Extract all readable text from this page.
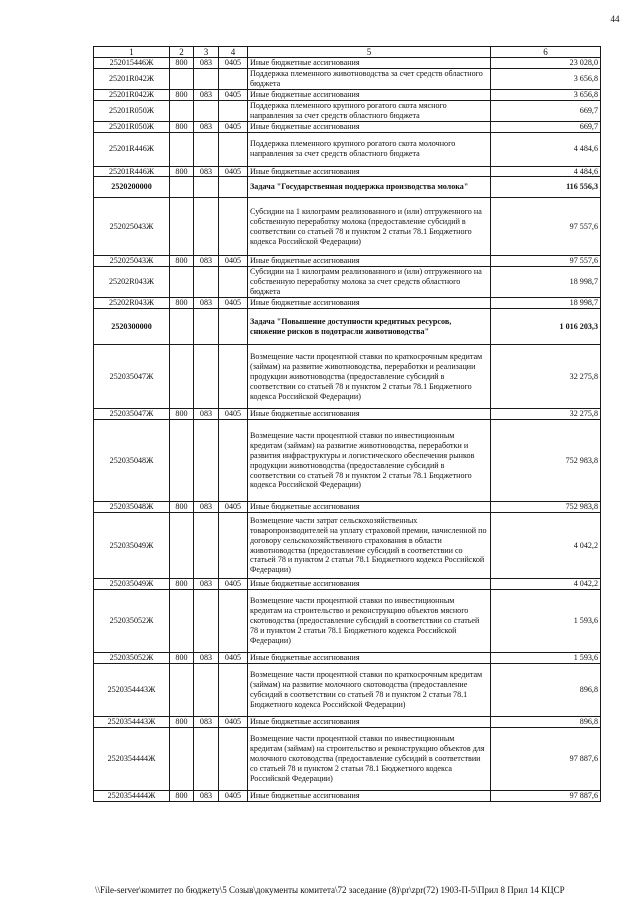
44
1	2	3	4	5	6
252015446Ж	800	083	0405	Иные бюджетные ассигнования	23 028,0
25201R042Ж				Поддержка племенного животноводства за счет средств областного бюджета	3 656,8
25201R042Ж	800	083	0405	Иные бюджетные ассигнования	3 656,8
25201R050Ж				Поддержка племенного крупного рогатого скота мясного направления за счет средств областного бюджета	669,7
25201R050Ж	800	083	0405	Иные бюджетные ассигнования	669,7
25201R446Ж				Поддержка племенного крупного рогатого скота молочного направления за счет средств областного бюджета	4 484,6
25201R446Ж	800	083	0405	Иные бюджетные ассигнования	4 484,6
2520200000				Задача "Государственная поддержка производства молока"	116 556,3
252025043Ж				Субсидии на 1 килограмм реализованного и (или) отгруженного на собственную переработку молока (предоставление субсидий в соответствии со статьей 78 и пунктом 2 статьи 78.1 Бюджетного кодекса Российской Федерации)	97 557,6
252025043Ж	800	083	0405	Иные бюджетные ассигнования	97 557,6
25202R043Ж				Субсидии на 1 килограмм реализованного и (или) отгруженного на собственную переработку молока за счет средств областного бюджета	18 998,7
25202R043Ж	800	083	0405	Иные бюджетные ассигнования	18 998,7
2520300000				Задача "Повышение доступности кредитных ресурсов, снижение рисков в подотрасли животноводства"	1 016 203,3
252035047Ж				Возмещение части процентной ставки по краткосрочным кредитам (займам) на развитие животноводства, переработки и реализации продукции животноводства (предоставление субсидий в соответствии со статьей 78 и пунктом 2 статьи 78.1 Бюджетного кодекса Российской Федерации)	32 275,8
252035047Ж	800	083	0405	Иные бюджетные ассигнования	32 275,8
252035048Ж				Возмещение части процентной ставки по инвестиционным кредитам (займам) на развитие животноводства, переработки и развития инфраструктуры и логистического обеспечения рынков продукции животноводства (предоставление субсидий в соответствии со статьей 78 и пунктом 2 статьи 78.1 Бюджетного кодекса Российской Федерации)	752 983,8
252035048Ж	800	083	0405	Иные бюджетные ассигнования	752 983,8
252035049Ж				Возмещение части затрат сельскохозяйственных товаропроизводителей на уплату страховой премии, начисленной по договору сельскохозяйственного страхования в области животноводства (предоставление субсидий в соответствии со статьей 78 и пунктом 2 статьи 78.1 Бюджетного кодекса Российской Федерации)	4 042,2
252035049Ж	800	083	0405	Иные бюджетные ассигнования	4 042,2
252035052Ж				Возмещение части процентной ставки по инвестиционным кредитам на строительство и реконструкцию объектов мясного скотоводства (предоставление субсидий в соответствии со статьей 78 и пунктом 2 статьи 78.1 Бюджетного кодекса Российской Федерации)	1 593,6
252035052Ж	800	083	0405	Иные бюджетные ассигнования	1 593,6
2520354443Ж				Возмещение части процентной ставки по краткосрочным кредитам (займам) на развитие молочного скотоводства (предоставление субсидий в соответствии со статьей 78 и пунктом 2 статьи 78.1 Бюджетного кодекса Российской Федерации)	896,8
2520354443Ж	800	083	0405	Иные бюджетные ассигнования	896,8
2520354444Ж				Возмещение части процентной ставки по инвестиционным кредитам (займам) на строительство и реконструкцию объектов для молочного скотоводства (предоставление субсидий в соответствии со статьей 78 и пунктом 2 статьи 78.1 Бюджетного кодекса Российской Федерации)	97 887,6
2520354444Ж	800	083	0405	Иные бюджетные ассигнования	97 887,6
\\File-server\комитет по бюджету\5 Созыв\документы комитета\72 заседание (8)\pr\zpr(72) 1903-П-5\Прил 8 Прил 14 КЦСР
